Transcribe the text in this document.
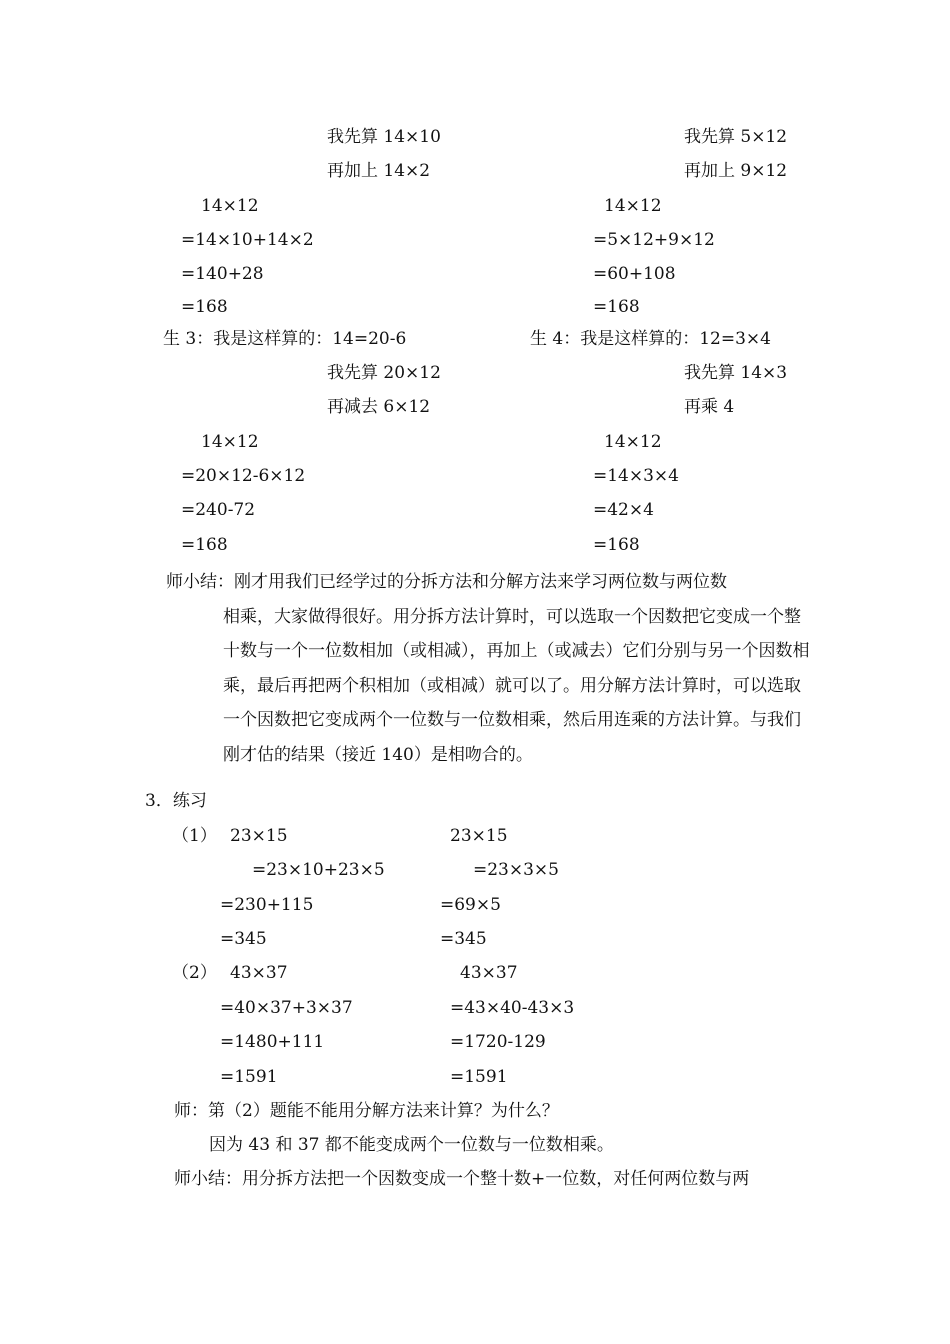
我先算 14×10
再加上 14×2
14×12
=14×10+14×2
=140+28
=168
我先算 5×12
再加上 9×12
14×12
=5×12+9×12
=60+108
=168
生 3：我是这样算的：14=20-6
我先算 20×12
再减去 6×12
14×12
=20×12-6×12
=240-72
=168
生 4：我是这样算的：12=3×4
我先算 14×3
再乘 4
14×12
=14×3×4
=42×4
=168
师小结：刚才用我们已经学过的分拆方法和分解方法来学习两位数与两位数
相乘，大家做得很好。用分拆方法计算时，可以选取一个因数把它变成一个整十数与一个一位数相加（或相减），再加上（或减去）它们分别与另一个因数相乘，最后再把两个积相加（或相减）就可以了。用分解方法计算时，可以选取一个因数把它变成两个一位数与一位数相乘，然后用连乘的方法计算。与我们刚才估的结果（接近 140）是相吻合的。
3．练习
（1） 23×15
=23×10+23×5
=230+115
=345
23×15
=23×3×5
=69×5
=345
（2） 43×37
=40×37+3×37
=1480+111
=1591
43×37
=43×40-43×3
=1720-129
=1591
师：第（2）题能不能用分解方法来计算？为什么？
因为 43 和 37 都不能变成两个一位数与一位数相乘。
师小结：用分拆方法把一个因数变成一个整十数+一位数，对任何两位数与两
